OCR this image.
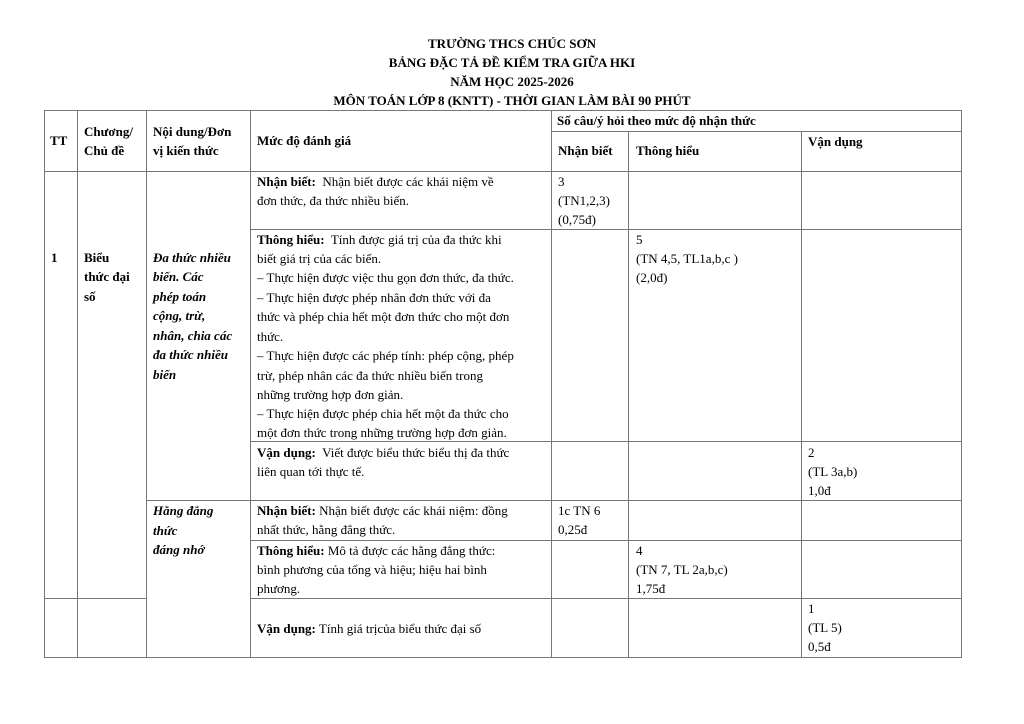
TRƯỜNG THCS CHÚC SƠN
BẢNG ĐẶC TẢ ĐỀ KIỂM TRA GIỮA HKI
NĂM HỌC 2025-2026
MÔN TOÁN LỚP 8 (KNTT) - THỜI GIAN LÀM BÀI 90 PHÚT
TT
Chương/
Chủ đề
Nội dung/Đơn
vị kiến thức
Mức độ đánh giá
Số câu/ý hỏi theo mức độ nhận thức
Nhận biết Thông hiểu
Vận dụng
1 Biểu
thức đại
số
Đa thức nhiều
biến. Các
phép toán
cộng, trừ,
nhân, chia các
đa thức nhiều
biến
Hằng đẳng
thức
đáng nhớ
Nhận biết: Nhận biết được các khái niệm về
đơn thức, đa thức nhiều biến.
3
(TN1,2,3)
(0,75đ)
Thông hiểu: Tính được giá trị của đa thức khi
biết giá trị của các biến.
– Thực hiện được việc thu gọn đơn thức, đa thức.
– Thực hiện được phép nhân đơn thức với đa
thức và phép chia hết một đơn thức cho một đơn
thức.
– Thực hiện được các phép tính: phép cộng, phép
trừ, phép nhân các đa thức nhiều biến trong
những trường hợp đơn giản.
– Thực hiện được phép chia hết một đa thức cho
một đơn thức trong những trường hợp đơn giản.
5
(TN 4,5, TL1a,b,c )
(2,0đ)
Vận dụng: Viết được biểu thức biểu thị đa thức
liên quan tới thực tế.
2
(TL 3a,b)
1,0đ
Nhận biết: Nhận biết được các khái niệm: đồng
nhất thức, hằng đẳng thức.
1c TN 6
0,25đ
Thông hiểu: Mô tả được các hằng đẳng thức:
bình phương của tổng và hiệu; hiệu hai bình
phương.
4
(TN 7, TL 2a,b,c)
1,75đ
Vận dụng: Tính giá trịcủa biểu thức đại số
1
(TL 5)
0,5đ
